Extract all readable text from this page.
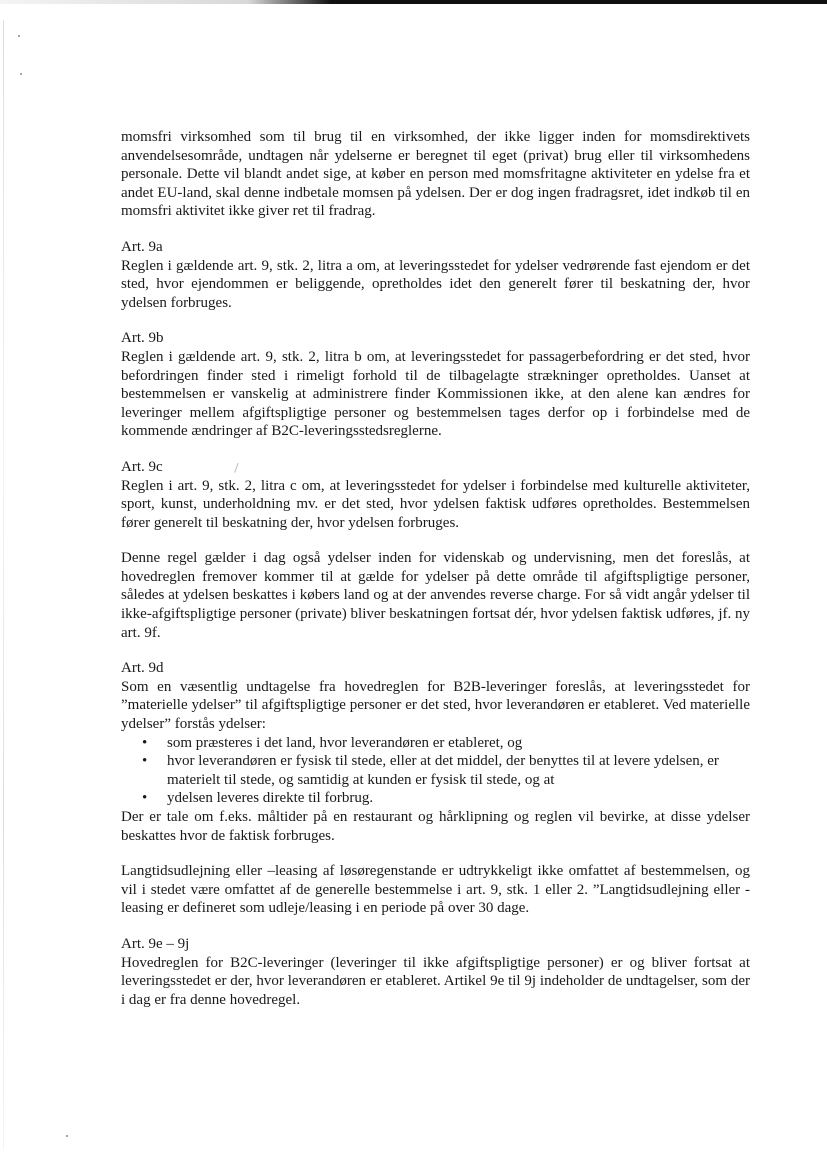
momsfri virksomhed som til brug til en virksomhed, der ikke ligger inden for momsdirektivets anvendelsesområde, undtagen når ydelserne er beregnet til eget (privat) brug eller til virksomhedens personale. Dette vil blandt andet sige, at køber en person med momsfritagne aktiviteter en ydelse fra et andet EU-land, skal denne indbetale momsen på ydelsen. Der er dog ingen fradragsret, idet indkøb til en momsfri aktivitet ikke giver ret til fradrag.

Art. 9a
Reglen i gældende art. 9, stk. 2, litra a om, at leveringsstedet for ydelser vedrørende fast ejendom er det sted, hvor ejendommen er beliggende, opretholdes idet den generelt fører til beskatning der, hvor ydelsen forbruges.

Art. 9b
Reglen i gældende art. 9, stk. 2, litra b om, at leveringsstedet for passagerbefordring er det sted, hvor befordringen finder sted i rimeligt forhold til de tilbagelagte strækninger opretholdes. Uanset at bestemmelsen er vanskelig at administrere finder Kommissionen ikke, at den alene kan ændres for leveringer mellem afgiftspligtige personer og bestemmelsen tages derfor op i forbindelse med de kommende ændringer af B2C-leveringsstedsreglerne.

Art. 9c
Reglen i art. 9, stk. 2, litra c om, at leveringsstedet for ydelser i forbindelse med kulturelle aktiviteter, sport, kunst, underholdning mv. er det sted, hvor ydelsen faktisk udføres opretholdes. Bestemmelsen fører generelt til beskatning der, hvor ydelsen forbruges.

Denne regel gælder i dag også ydelser inden for videnskab og undervisning, men det foreslås, at hovedreglen fremover kommer til at gælde for ydelser på dette område til afgiftspligtige personer, således at ydelsen beskattes i købers land og at der anvendes reverse charge. For så vidt angår ydelser til ikke-afgiftspligtige personer (private) bliver beskatningen fortsat dér, hvor ydelsen faktisk udføres, jf. ny art. 9f.

Art. 9d
Som en væsentlig undtagelse fra hovedreglen for B2B-leveringer foreslås, at leveringsstedet for ”materielle ydelser” til afgiftspligtige personer er det sted, hvor leverandøren er etableret. Ved materielle ydelser” forstås ydelser:
• som præsteres i det land, hvor leverandøren er etableret, og
• hvor leverandøren er fysisk til stede, eller at det middel, der benyttes til at levere ydelsen, er materielt til stede, og samtidig at kunden er fysisk til stede, og at
• ydelsen leveres direkte til forbrug.
Der er tale om f.eks. måltider på en restaurant og hårklipning og reglen vil bevirke, at disse ydelser beskattes hvor de faktisk forbruges.

Langtidsudlejning eller –leasing af løsøregenstande er udtrykkeligt ikke omfattet af bestemmelsen, og vil i stedet være omfattet af de generelle bestemmelse i art. 9, stk. 1 eller 2. ”Langtidsudlejning eller -leasing er defineret som udleje/leasing i en periode på over 30 dage.

Art. 9e – 9j
Hovedreglen for B2C-leveringer (leveringer til ikke afgiftspligtige personer) er og bliver fortsat at leveringsstedet er der, hvor leverandøren er etableret. Artikel 9e til 9j indeholder de undtagelser, som der i dag er fra denne hovedregel.
